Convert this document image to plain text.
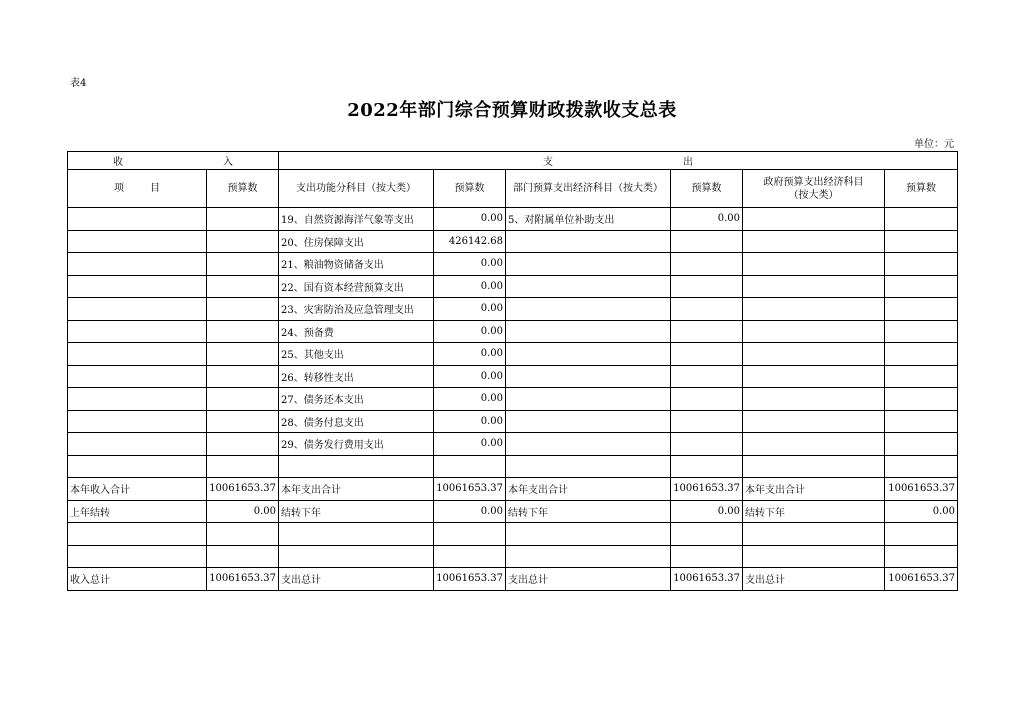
表4
2022年部门综合预算财政拨款收支总表
单位：元
收 入		支 出					
项 目	预算数	支出功能分科目（按大类）	预算数	部门预算支出经济科目（按大类）	预算数	政府预算支出经济科目
（按大类）	预算数
		19、自然资源海洋气象等支出	0.00	5、对附属单位补助支出	0.00		
		20、住房保障支出	426142.68				
		21、粮油物资储备支出	0.00				
		22、国有资本经营预算支出	0.00				
		23、灾害防治及应急管理支出	0.00				
		24、预备费	0.00				
		25、其他支出	0.00				
		26、转移性支出	0.00				
		27、债务还本支出	0.00				
		28、债务付息支出	0.00				
		29、债务发行费用支出	0.00				

本年收入合计	10061653.37	本年支出合计	10061653.37	本年支出合计	10061653.37	本年支出合计	10061653.37
上年结转	0.00	结转下年	0.00	结转下年	0.00	结转下年	0.00

收入总计	10061653.37	支出总计	10061653.37	支出总计	10061653.37	支出总计	10061653.37
